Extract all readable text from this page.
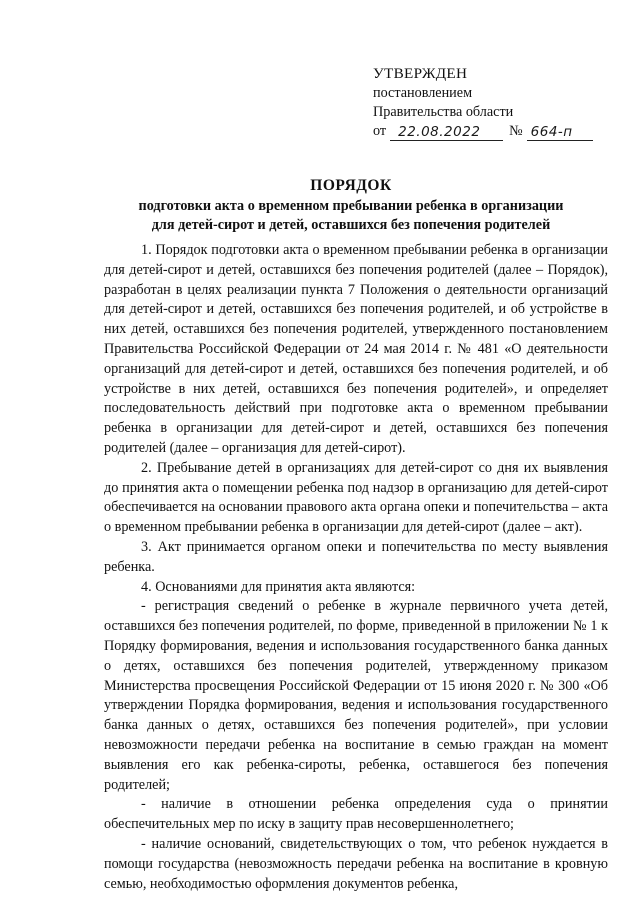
УТВЕРЖДЕН
постановлением
Правительства области
от 22.08.2022	№ 664-п
ПОРЯДОК
подготовки акта о временном пребывании ребенка в организации
для детей-сирот и детей, оставшихся без попечения родителей

1. Порядок подготовки акта о временном пребывании ребенка в организации для детей-сирот и детей, оставшихся без попечения родителей (далее – Порядок), разработан в целях реализации пункта 7 Положения о деятельности организаций для детей-сирот и детей, оставшихся без попечения родителей, и об устройстве в них детей, оставшихся без попечения родителей, утвержденного постановлением Правительства Российской Федерации от 24 мая 2014 г. № 481 «О деятельности организаций для детей-сирот и детей, оставшихся без попечения родителей, и об устройстве в них детей, оставшихся без попечения родителей», и определяет последовательность действий при подготовке акта о временном пребывании ребенка в организации для детей-сирот и детей, оставшихся без попечения родителей (далее – организация для детей-сирот).

2. Пребывание детей в организациях для детей-сирот со дня их выявления до принятия акта о помещении ребенка под надзор в организацию для детей-сирот обеспечивается на основании правового акта органа опеки и попечительства – акта о временном пребывании ребенка в организации для детей-сирот (далее – акт).

3. Акт принимается органом опеки и попечительства по месту выявления ребенка.

4. Основаниями для принятия акта являются:

- регистрация сведений о ребенке в журнале первичного учета детей, оставшихся без попечения родителей, по форме, приведенной в приложении № 1 к Порядку формирования, ведения и использования государственного банка данных о детях, оставшихся без попечения родителей, утвержденному приказом Министерства просвещения Российской Федерации от 15 июня 2020 г. № 300 «Об утверждении Порядка формирования, ведения и использования государственного банка данных о детях, оставшихся без попечения родителей», при условии невозможности передачи ребенка на воспитание в семью граждан на момент выявления его как ребенка-сироты, ребенка, оставшегося без попечения родителей;

- наличие в отношении ребенка определения суда о принятии обеспечительных мер по иску в защиту прав несовершеннолетнего;

- наличие оснований, свидетельствующих о том, что ребенок нуждается в помощи государства (невозможность передачи ребенка на воспитание в кровную семью, необходимостью оформления документов ребенка,
